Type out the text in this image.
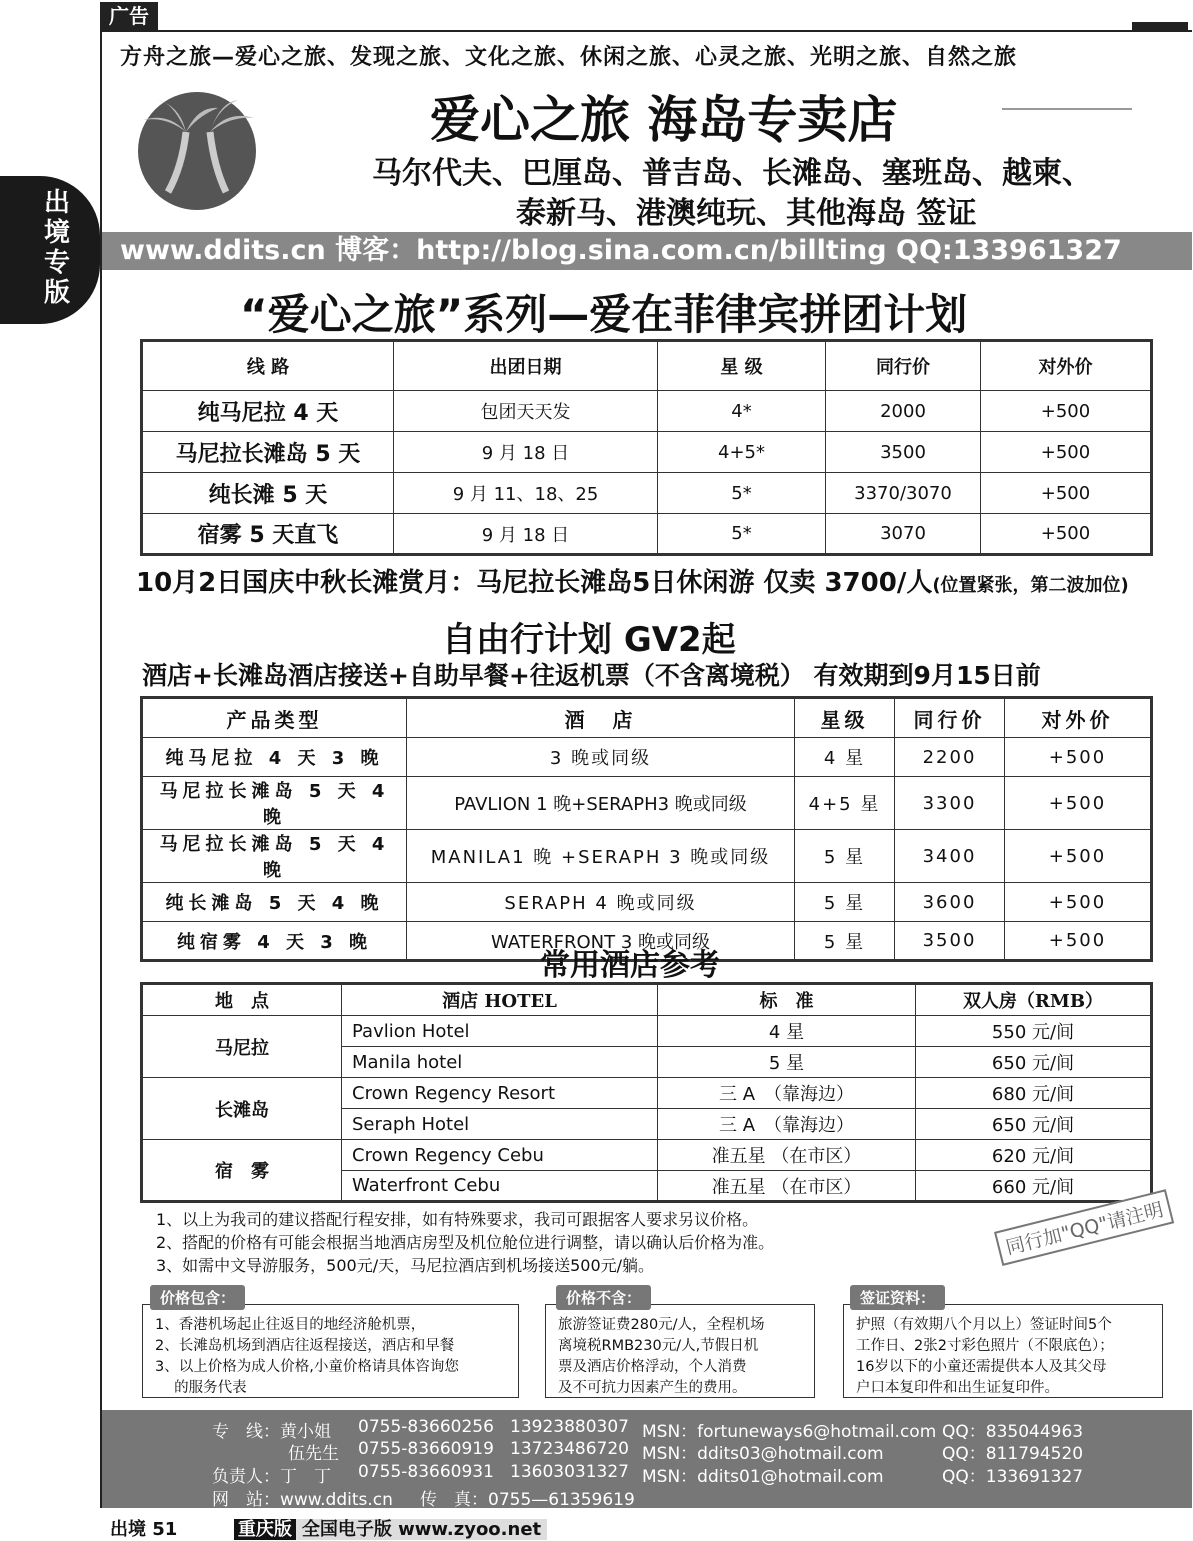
广告
出
境
专
版
方舟之旅—爱心之旅、发现之旅、文化之旅、休闲之旅、心灵之旅、光明之旅、自然之旅
爱心之旅 海岛专卖店
马尔代夫、巴厘岛、普吉岛、长滩岛、塞班岛、越柬、
泰新马、港澳纯玩、其他海岛 签证
www.ddits.cn 博客：http://blog.sina.com.cn/billting QQ:133961327
“爱心之旅”系列—爱在菲律宾拼团计划
线 路	出团日期	星 级	同行价	对外价
纯马尼拉 4 天	包团天天发	4*	2000	+500
马尼拉长滩岛 5 天	9 月 18 日	4+5*	3500	+500
纯长滩 5 天	9 月 11、18、25	5*	3370/3070	+500
宿雾 5 天直飞	9 月 18 日	5*	3070	+500
10月2日国庆中秋长滩赏月：马尼拉长滩岛5日休闲游 仅卖 3700/人(位置紧张，第二波加位)
自由行计划 GV2起
酒店+长滩岛酒店接送+自助早餐+往返机票（不含离境税） 有效期到9月15日前
产品类型	酒　店	星级	同行价	对外价
纯马尼拉 4 天 3 晚	3 晚或同级	4 星	2200	+500
马尼拉长滩岛 5 天 4 晚	PAVLION 1 晚+SERAPH3 晚或同级	4+5 星	3300	+500
马尼拉长滩岛 5 天 4 晚	MANILA1 晚 +SERAPH 3 晚或同级	5 星	3400	+500
纯长滩岛 5 天 4 晚	SERAPH 4 晚或同级	5 星	3600	+500
纯宿雾 4 天 3 晚	WATERFRONT 3 晚或同级	5 星	3500	+500
常用酒店参考
地　点	酒店 HOTEL	标　准	双人房（RMB）
马尼拉	Pavlion Hotel	4 星	550 元/间
	Manila hotel	5 星	650 元/间
长滩岛	Crown Regency Resort	三 A　（靠海边）	680 元/间
	Seraph Hotel	三 A　（靠海边）	650 元/间
宿　雾	Crown Regency Cebu	准五星 （在市区）	620 元/间
	Waterfront Cebu	准五星 （在市区）	660 元/间
1、以上为我司的建议搭配行程安排，如有特殊要求，我司可跟据客人要求另议价格。
2、搭配的价格有可能会根据当地酒店房型及机位舱位进行调整，请以确认后价格为准。
3、如需中文导游服务，500元/天，马尼拉酒店到机场接送500元/躺。
同行加"QQ"请注明
1、香港机场起止往返目的地经济舱机票，
2、长滩岛机场到酒店往返程接送，酒店和早餐
3、以上价格为成人价格,小童价格请具体咨询您
　 的服务代表
价格包含：
旅游签证费280元/人，全程机场
离境税RMB230元/人,节假日机
票及酒店价格浮动，个人消费
及不可抗力因素产生的费用。
价格不含：
护照（有效期八个月以上）签证时间5个
工作日、2张2寸彩色照片（不限底色）；
16岁以下的小童还需提供本人及其父母
户口本复印件和出生证复印件。
签证资料：
专　线：黄小姐 0755-83660256 13923880307 MSN：fortuneways6@hotmail.com QQ：835044963
伍先生 0755-83660919 13723486720 MSN：ddits03@hotmail.com	QQ：811794520
负责人：丁　丁 0755-83660931 13603031327 MSN：ddits01@hotmail.com	QQ：133691327
网　站：www.ddits.cn 传　真：0755—61359619
出境 51	重庆版 全国电子版 www.zyoo.net
